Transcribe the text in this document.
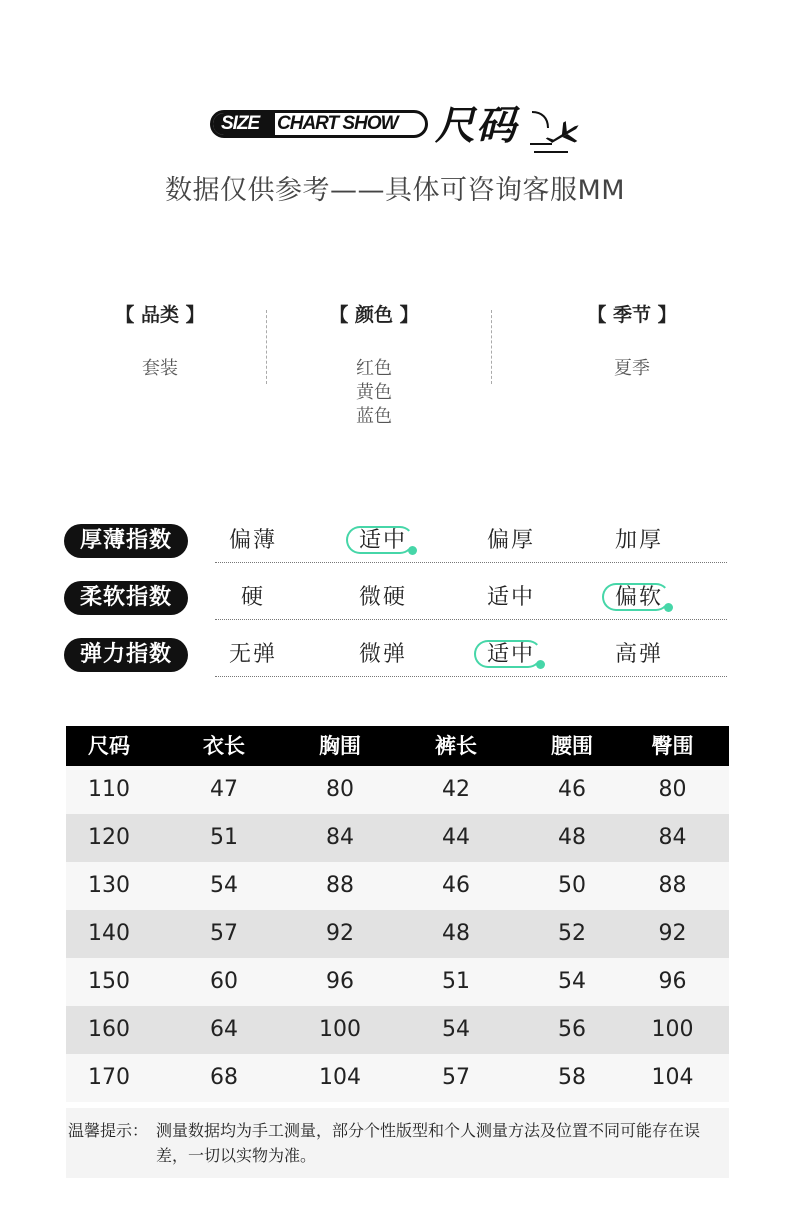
SIZE CHART SHOW 尺码
数据仅供参考——具体可咨询客服MM
【 品类 】
套装
【 颜色 】
红色
黄色
蓝色
【 季节 】
夏季
厚薄指数	偏薄	适中	偏厚	加厚
柔软指数	硬	微硬	适中	偏软
弹力指数	无弹	微弹	适中	高弹
尺码	衣长	胸围	裤长	腰围	臀围
110	47	80	42	46	80
120	51	84	44	48	84
130	54	88	46	50	88
140	57	92	48	52	92
150	60	96	51	54	96
160	64	100	54	56	100
170	68	104	57	58	104
温馨提示： 测量数据均为手工测量，部分个性版型和个人测量方法及位置不同可能存在误差，一切以实物为准。
